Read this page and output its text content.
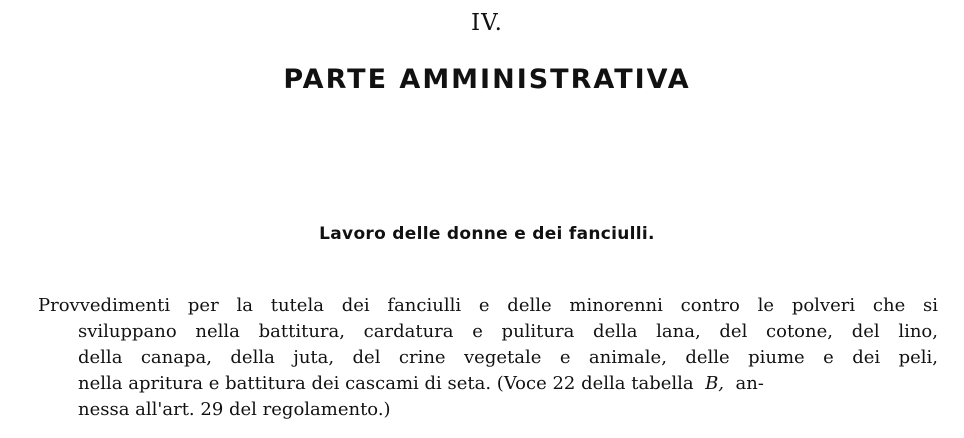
IV.
PARTE AMMINISTRATIVA
Lavoro delle donne e dei fanciulli.
Provvedimenti per la tutela dei fanciulli e delle minorenni contro le polveri che si
sviluppano nella battitura, cardatura e pulitura della lana, del cotone, del lino,
della canapa, della juta, del crine vegetale e animale, delle piume e dei peli,
nella apritura e battitura dei cascami di seta. (Voce 22 della tabella B, an-
nessa all'art. 29 del regolamento.)
